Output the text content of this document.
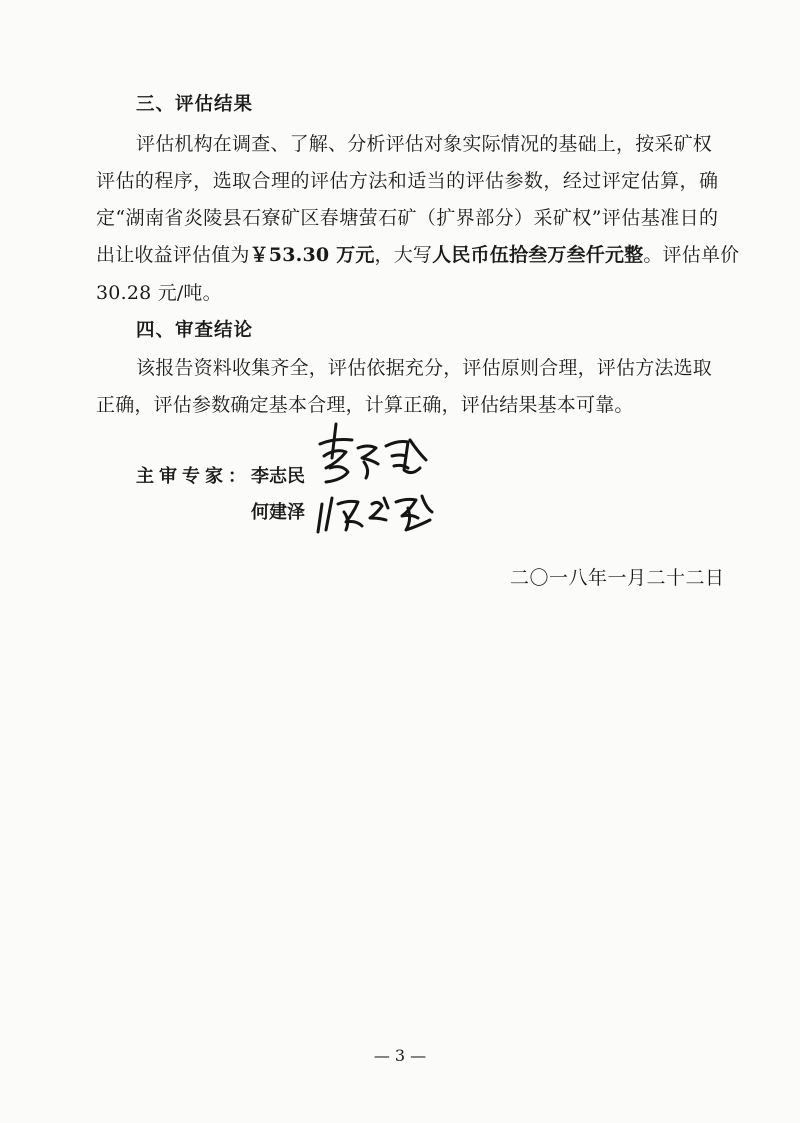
三、评估结果
评估机构在调查、了解、分析评估对象实际情况的基础上，按采矿权
评估的程序，选取合理的评估方法和适当的评估参数，经过评定估算，确
定“湖南省炎陵县石寮矿区春塘萤石矿（扩界部分）采矿权”评估基准日的
出让收益评估值为￥53.30 万元，大写人民币伍拾叁万叁仟元整。评估单价
30.28 元/吨。
四、审查结论
该报告资料收集齐全，评估依据充分，评估原则合理，评估方法选取
正确，评估参数确定基本合理，计算正确，评估结果基本可靠。
主审专家： 李志民
何建泽
二〇一八年一月二十二日
— 3 —
